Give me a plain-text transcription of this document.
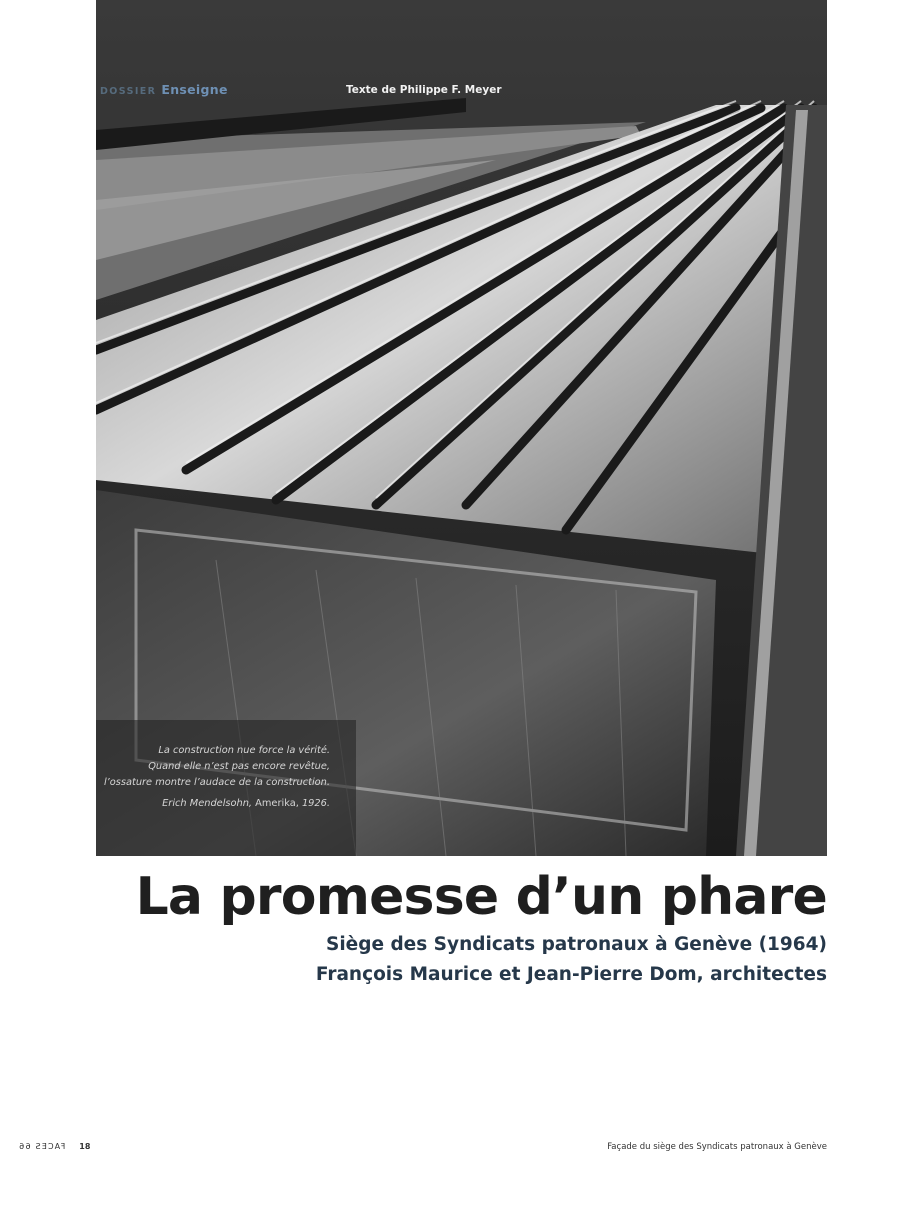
DOSSIER Enseigne	Texte de Philippe F. Meyer
La construction nue force la vérité.
Quand elle n’est pas encore revêtue,
l’ossature montre l’audace de la construction.
Erich Mendelsohn, Amerika, 1926.
La promesse d’un phare
Siège des Syndicats patronaux à Genève (1964)
François Maurice et Jean-Pierre Dom, architectes
FACES 66 18	Façade du siège des Syndicats patronaux à Genève
